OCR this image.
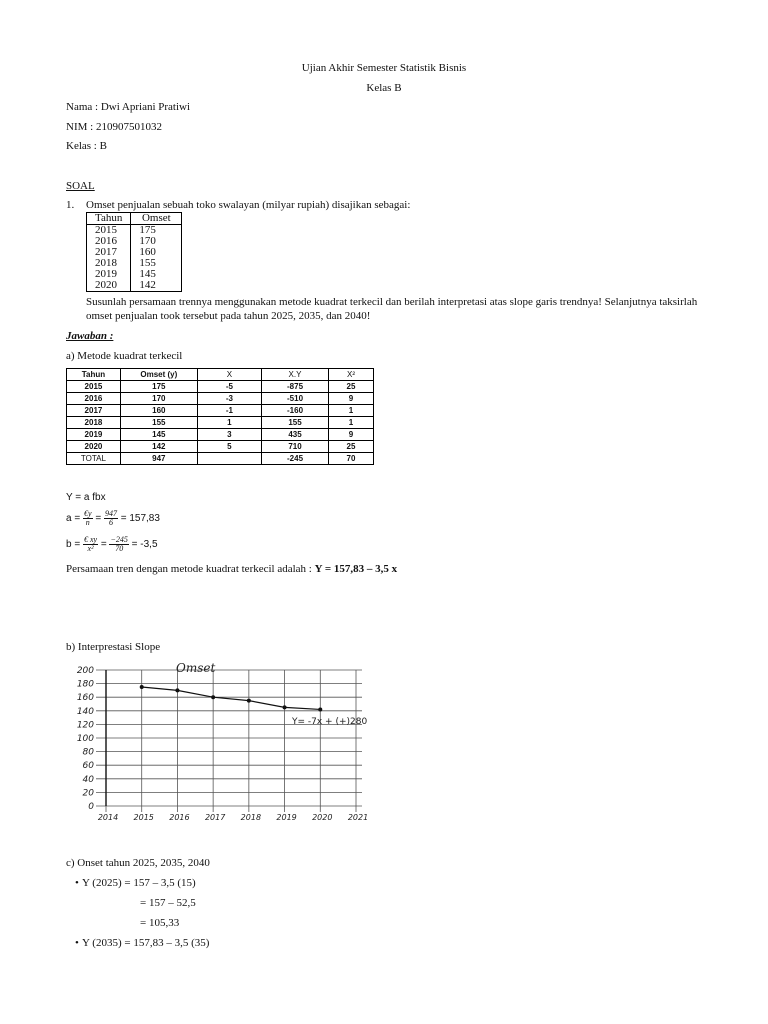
Ujian Akhir Semester Statistik Bisnis
Kelas B
Nama : Dwi Apriani Pratiwi
NIM : 210907501032
Kelas : B
SOAL
1. Omset penjualan sebuah toko swalayan (milyar rupiah) disajikan sebagai:
Tahun	Omset
2015	175
2016	170
2017	160
2018	155
2019	145
2020	142
Susunlah persamaan trennya menggunakan metode kuadrat terkecil dan berilah interpretasi atas slope garis trendnya! Selanjutnya taksirlah
omset penjualan took tersebut pada tahun 2025, 2035, dan 2040!
Jawaban :
a) Metode kuadrat terkecil
Tahun	Omset (y)	X	X.Y	X²
2015	175	-5	-875	25
2016	170	-3	-510	9
2017	160	-1	-160	1
2018	155	1	155	1
2019	145	3	435	9
2020	142	5	710	25
TOTAL	947		-245	70
Y = a fbx
$a = \frac{€y}{n} = \frac{947}{6} = 157,83$
$b = \frac{€ xy}{\text{x²}} = \frac{-245}{70} = -3,5$
Persamaan tren dengan metode kuadrat terkecil adalah : Y = 157,83 – 3,5 x
b) Interprestasi Slope
0
20
40
60
80
100
120
140
160
180
200
2014 2015 2016 2017 2018 2019 2020 2021
Omset
Y= -7x + (+)280
c) Onset tahun 2025, 2035, 2040
• Y (2025) = 157 – 3,5 (15)
= 157 – 52,5
= 105,33
• Y (2035) = 157,83 – 3,5 (35)
